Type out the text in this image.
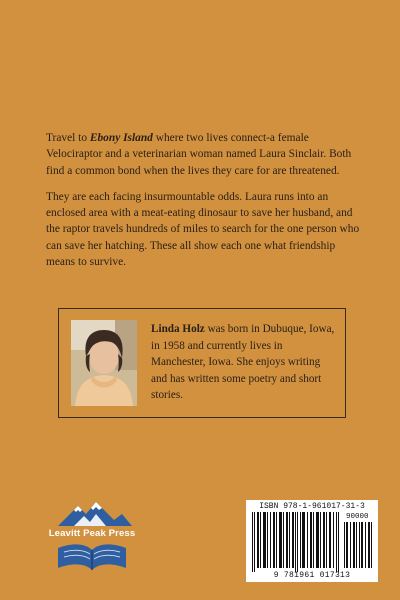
Travel to Ebony Island where two lives connect-a female Velociraptor and a veterinarian woman named Laura Sinclair. Both find a common bond when the lives they care for are threatened.

They are each facing insurmountable odds. Laura runs into an enclosed area with a meat-eating dinosaur to save her husband, and the raptor travels hundreds of miles to search for the one person who can save her hatching. These all show each one what friendship means to survive.

Linda Holz was born in Dubuque, Iowa, in 1958 and currently lives in Manchester, Iowa. She enjoys writing and has written some poetry and short stories.

Leavitt Peak Press
ISBN 978-1-961017-31-3
90000
9 781961 017313
